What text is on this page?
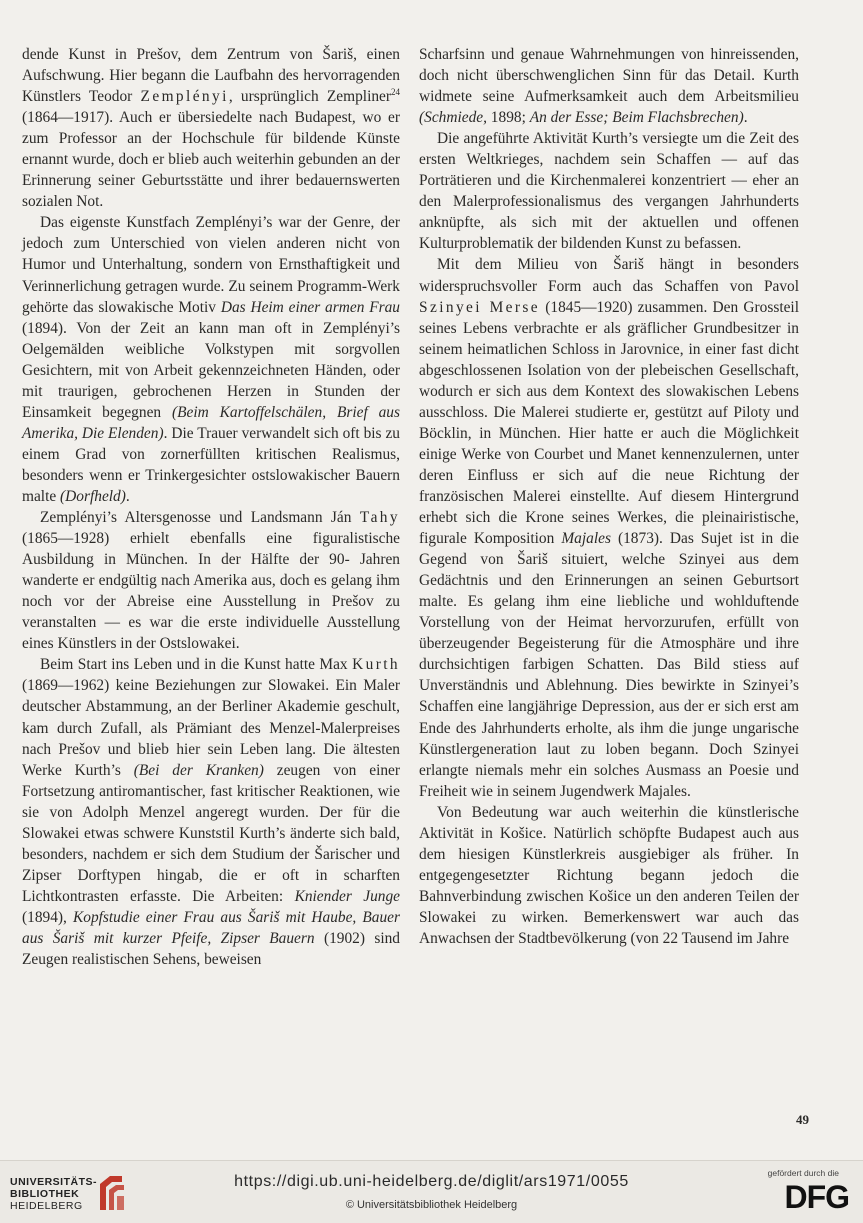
dende Kunst in Prešov, dem Zentrum von Šariš, einen Aufschwung. Hier begann die Laufbahn des hervorragenden Künstlers Teodor Zemplényi, ursprünglich Zempliner$^{24}$ (1864—1917). Auch er übersiedelte nach Budapest, wo er zum Professor an der Hochschule für bildende Künste ernannt wurde, doch er blieb auch weiterhin gebunden an der Erinnerung seiner Geburtsstätte und ihrer bedauernswerten sozialen Not.

Das eigenste Kunstfach Zemplényi’s war der Genre, der jedoch zum Unterschied von vielen anderen nicht von Humor und Unterhaltung, sondern von Ernsthaftigkeit und Verinnerlichung getragen wurde. Zu seinem Programm-Werk gehörte das slowakische Motiv Das Heim einer armen Frau (1894). Von der Zeit an kann man oft in Zemplényi’s Oelgemälden weibliche Volkstypen mit sorgvollen Gesichtern, mit von Arbeit gekennzeichneten Händen, oder mit traurigen, gebrochenen Herzen in Stunden der Einsamkeit begegnen (Beim Kartoffelschälen, Brief aus Amerika, Die Elenden). Die Trauer verwandelt sich oft bis zu einem Grad von zornerfüllten kritischen Realismus, besonders wenn er Trinkergesichter ostslowakischer Bauern malte (Dorfheld).

Zemplényi’s Altersgenosse und Landsmann Ján Tahy (1865—1928) erhielt ebenfalls eine figuralistische Ausbildung in München. In der Hälfte der 90- Jahren wanderte er endgültig nach Amerika aus, doch es gelang ihm noch vor der Abreise eine Ausstellung in Prešov zu veranstalten — es war die erste individuelle Ausstellung eines Künstlers in der Ostslowakei.

Beim Start ins Leben und in die Kunst hatte Max Kurth (1869—1962) keine Beziehungen zur Slowakei. Ein Maler deutscher Abstammung, an der Berliner Akademie geschult, kam durch Zufall, als Prämiant des Menzel-Malerpreises nach Prešov und blieb hier sein Leben lang. Die ältesten Werke Kurth’s (Bei der Kranken) zeugen von einer Fortsetzung antiromantischer, fast kritischer Reaktionen, wie sie von Adolph Menzel angeregt wurden. Der für die Slowakei etwas schwere Kunststil Kurth’s änderte sich bald, besonders, nachdem er sich dem Studium der Šarischer und Zipser Dorftypen hingab, die er oft in scharften Lichtkontrasten erfasste. Die Arbeiten: Kniender Junge (1894), Kopfstudie einer Frau aus Šariš mit Haube, Bauer aus Šariš mit kurzer Pfeife, Zipser Bauern (1902) sind Zeugen realistischen Sehens, beweisen

Scharfsinn und genaue Wahrnehmungen von hinreissenden, doch nicht überschwenglichen Sinn für das Detail. Kurth widmete seine Aufmerksamkeit auch dem Arbeitsmilieu (Schmiede, 1898; An der Esse; Beim Flachsbrechen).

Die angeführte Aktivität Kurth’s versiegte um die Zeit des ersten Weltkrieges, nachdem sein Schaffen — auf das Porträtieren und die Kirchenmalerei konzentriert — eher an den Malerprofessionalismus des vergangen Jahrhunderts anknüpfte, als sich mit der aktuellen und offenen Kulturproblematik der bildenden Kunst zu befassen.

Mit dem Milieu von Šariš hängt in besonders widerspruchsvoller Form auch das Schaffen von Pavol Szinyei Merse (1845—1920) zusammen. Den Grossteil seines Lebens verbrachte er als gräflicher Grundbesitzer in seinem heimatlichen Schloss in Jarovnice, in einer fast dicht abgeschlossenen Isolation von der plebeischen Gesellschaft, wodurch er sich aus dem Kontext des slowakischen Lebens ausschloss. Die Malerei studierte er, gestützt auf Piloty und Böcklin, in München. Hier hatte er auch die Möglichkeit einige Werke von Courbet und Manet kennenzulernen, unter deren Einfluss er sich auf die neue Richtung der französischen Malerei einstellte. Auf diesem Hintergrund erhebt sich die Krone seines Werkes, die pleinairistische, figurale Komposition Majales (1873). Das Sujet ist in die Gegend von Šariš situiert, welche Szinyei aus dem Gedächtnis und den Erinnerungen an seinen Geburtsort malte. Es gelang ihm eine liebliche und wohlduftende Vorstellung von der Heimat hervorzurufen, erfüllt von überzeugender Begeisterung für die Atmosphäre und ihre durchsichtigen farbigen Schatten. Das Bild stiess auf Unverständnis und Ablehnung. Dies bewirkte in Szinyei’s Schaffen eine langjährige Depression, aus der er sich erst am Ende des Jahrhunderts erholte, als ihm die junge ungarische Künstlergeneration laut zu loben begann. Doch Szinyei erlangte niemals mehr ein solches Ausmass an Poesie und Freiheit wie in seinem Jugendwerk Majales.

Von Bedeutung war auch weiterhin die künstlerische Aktivität in Košice. Natürlich schöpfte Budapest auch aus dem hiesigen Künstlerkreis ausgiebiger als früher. In entgegengesetzter Richtung begann jedoch die Bahnverbindung zwischen Košice un den anderen Teilen der Slowakei zu wirken. Bemerkenswert war auch das Anwachsen der Stadtbevölkerung (von 22 Tausend im Jahre

49
UNIVERSITÄTS-
BIBLIOTHEK
HEIDELBERG
https://digi.ub.uni-heidelberg.de/diglit/ars1971/0055
© Universitätsbibliothek Heidelberg
gefördert durch die
DFG
